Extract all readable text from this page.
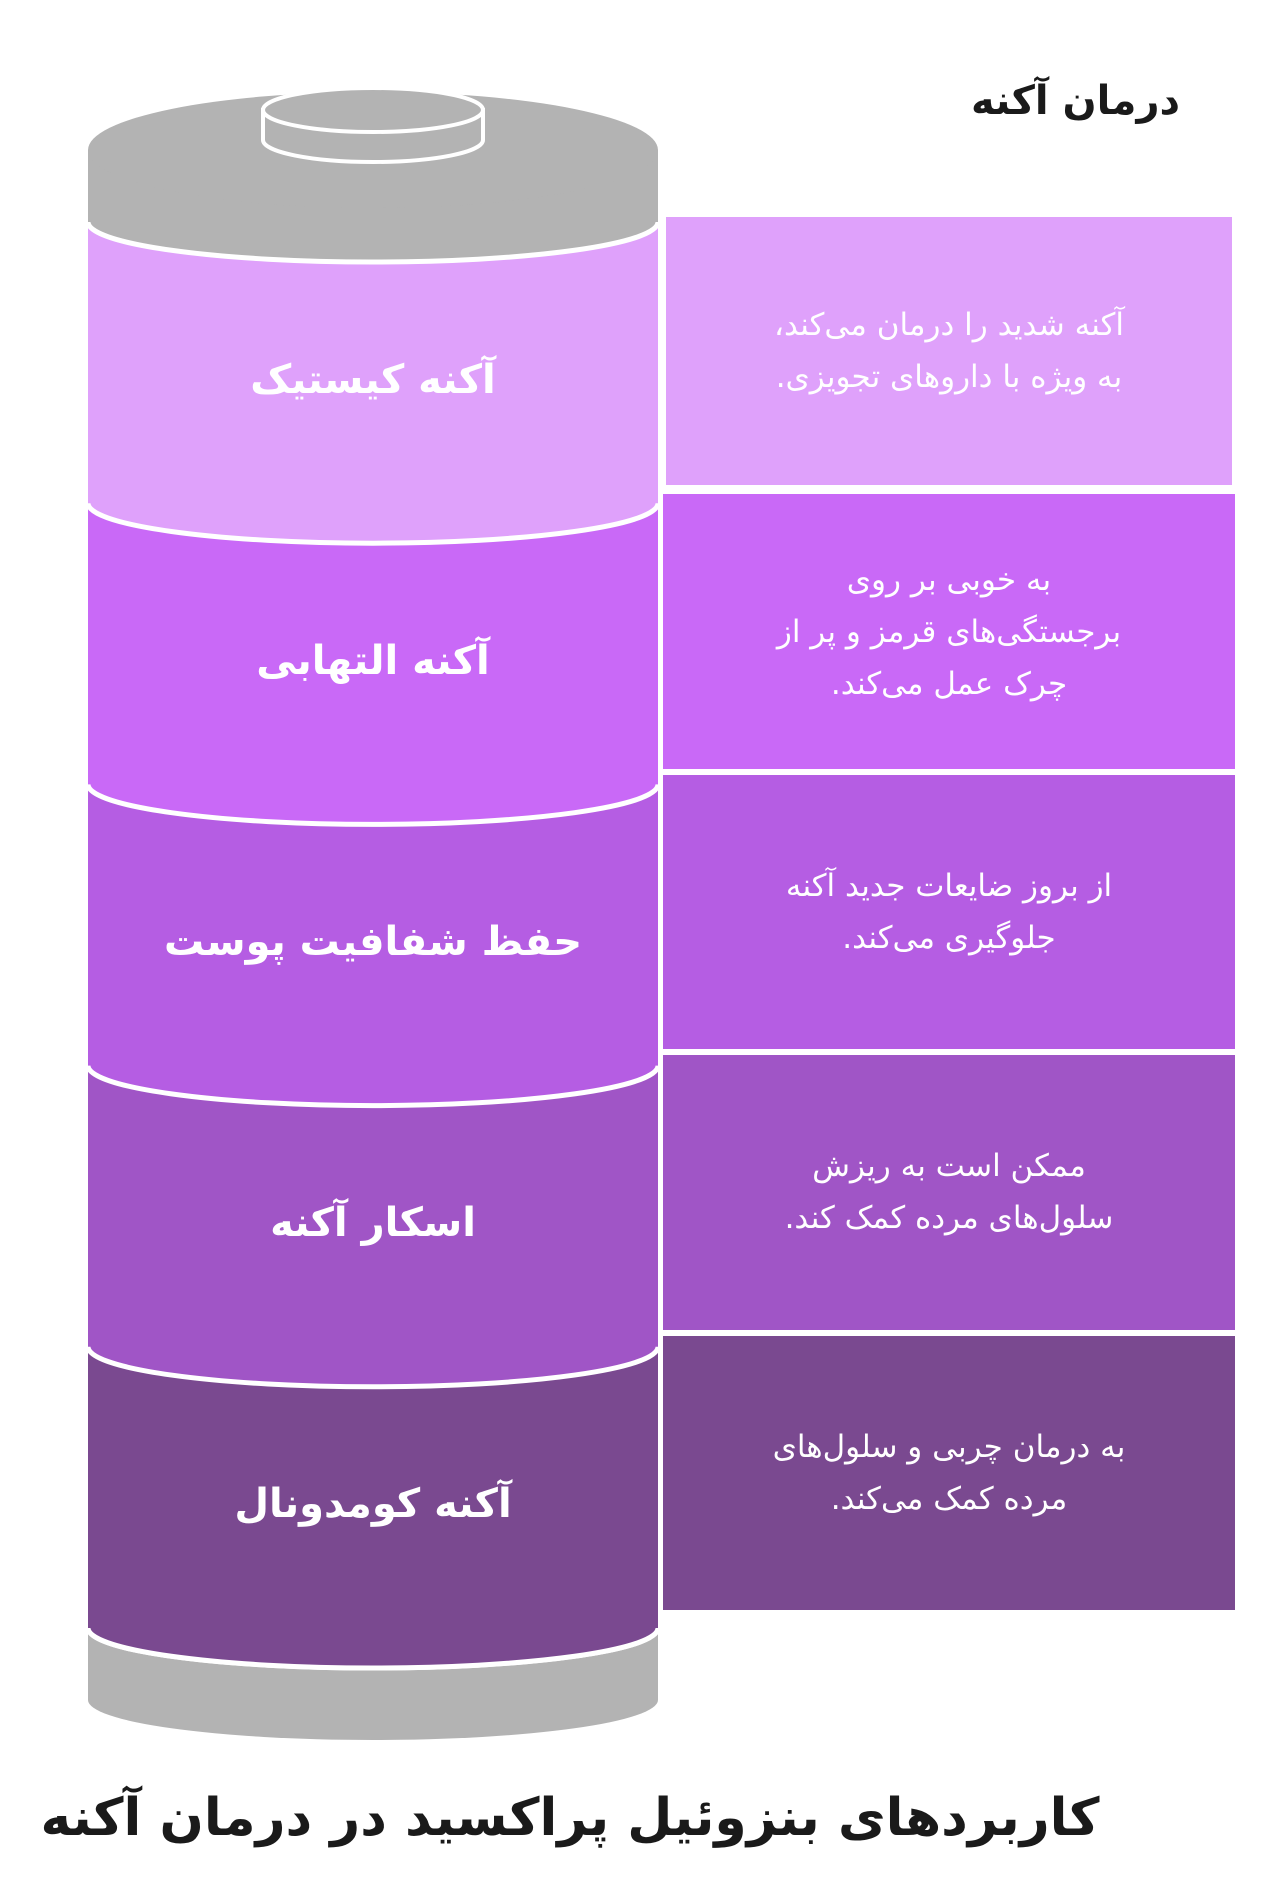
درمان آکنه
آکنه شدید را درمان می‌کند،
به ویژه با داروهای تجویزی.
به خوبی بر روی
برجستگی‌های قرمز و پر از
چرک عمل می‌کند.
از بروز ضایعات جدید آکنه
جلوگیری می‌کند.
ممکن است به ریزش
سلول‌های مرده کمک کند.
به درمان چربی و سلول‌های
مرده کمک می‌کند.
آکنه کیستیک
آکنه التهابی
حفظ شفافیت پوست
اسکار آکنه
آکنه کومدونال
کاربردهای بنزوئیل پراکسید در درمان آکنه
